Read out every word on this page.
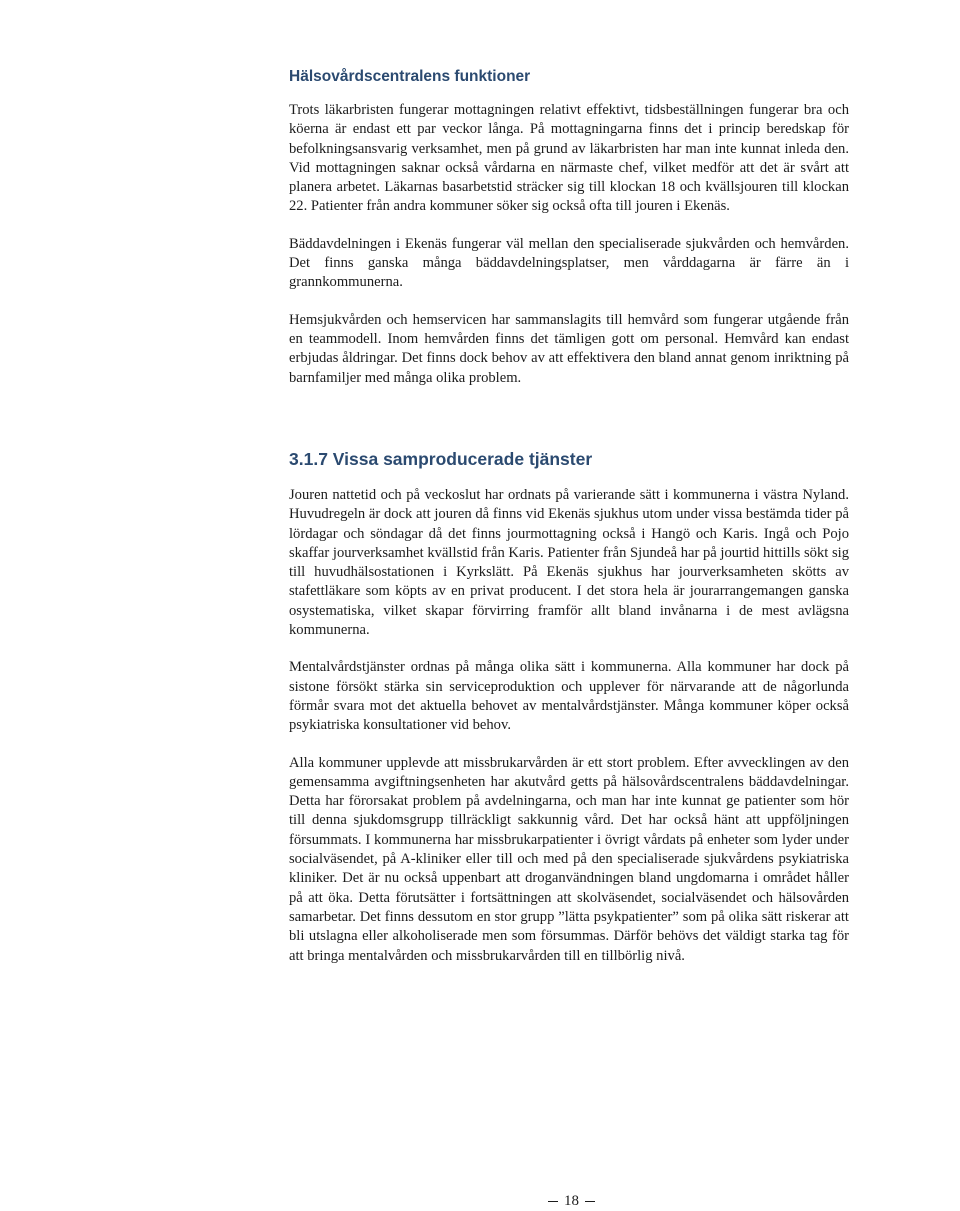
Hälsovårdscentralens funktioner

Trots läkarbristen fungerar mottagningen relativt effektivt, tidsbeställningen fungerar bra och köerna är endast ett par veckor långa. På mottagningarna finns det i princip beredskap för befolkningsansvarig verksamhet, men på grund av läkarbristen har man inte kunnat inleda den. Vid mottagningen saknar också vårdarna en närmaste chef, vilket medför att det är svårt att planera arbetet. Läkarnas basarbetstid sträcker sig till klockan 18 och kvällsjouren till klockan 22. Patienter från andra kommuner söker sig också ofta till jouren i Ekenäs.

Bäddavdelningen i Ekenäs fungerar väl mellan den specialiserade sjukvården och hemvården. Det finns ganska många bäddavdelningsplatser, men vårddagarna är färre än i grannkommunerna.

Hemsjukvården och hemservicen har sammanslagits till hemvård som fungerar utgående från en teammodell. Inom hemvården finns det tämligen gott om personal. Hemvård kan endast erbjudas åldringar. Det finns dock behov av att effektivera den bland annat genom inriktning på barnfamiljer med många olika problem.

3.1.7 Vissa samproducerade tjänster

Jouren nattetid och på veckoslut har ordnats på varierande sätt i kommunerna i västra Nyland. Huvudregeln är dock att jouren då finns vid Ekenäs sjukhus utom under vissa bestämda tider på lördagar och söndagar då det finns jourmottagning också i Hangö och Karis. Ingå och Pojo skaffar jourverksamhet kvällstid från Karis. Patienter från Sjundeå har på jourtid hittills sökt sig till huvudhälsostationen i Kyrkslätt. På Ekenäs sjukhus har jourverksamheten skötts av stafettläkare som köpts av en privat producent. I det stora hela är jourarrangemangen ganska osystematiska, vilket skapar förvirring framför allt bland invånarna i de mest avlägsna kommunerna.

Mentalvårdstjänster ordnas på många olika sätt i kommunerna. Alla kommuner har dock på sistone försökt stärka sin serviceproduktion och upplever för närvarande att de någorlunda förmår svara mot det aktuella behovet av mentalvårdstjänster. Många kommuner köper också psykiatriska konsultationer vid behov.

Alla kommuner upplevde att missbrukarvården är ett stort problem. Efter avvecklingen av den gemensamma avgiftningsenheten har akutvård getts på hälsovårdscentralens bäddavdelningar. Detta har förorsakat problem på avdelningarna, och man har inte kunnat ge patienter som hör till denna sjukdomsgrupp tillräckligt sakkunnig vård. Det har också hänt att uppföljningen försummats. I kommunerna har missbrukarpatienter i övrigt vårdats på enheter som lyder under socialväsendet, på A-kliniker eller till och med på den specialiserade sjukvårdens psykiatriska kliniker. Det är nu också uppenbart att droganvändningen bland ungdomarna i området håller på att öka. Detta förutsätter i fortsättningen att skolväsendet, socialväsendet och hälsovården samarbetar. Det finns dessutom en stor grupp ”lätta psykpatienter” som på olika sätt riskerar att bli utslagna eller alkoholiserade men som försummas. Därför behövs det väldigt starka tag för att bringa mentalvården och missbrukarvården till en tillbörlig nivå.

18
